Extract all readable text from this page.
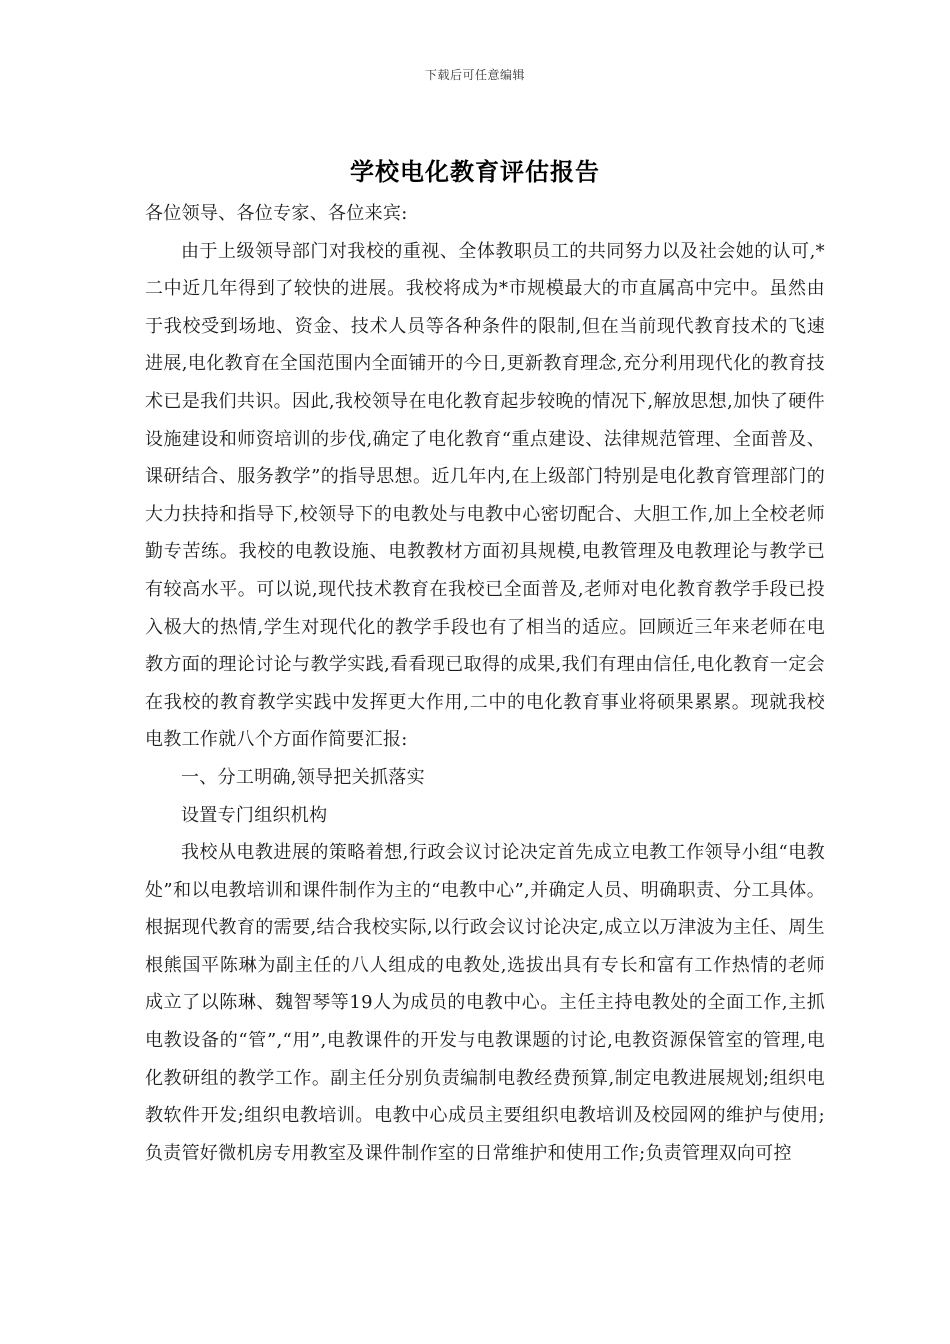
下载后可任意编辑
学校电化教育评估报告

各位领导、各位专家、各位来宾:

由于上级领导部门对我校的重视、全体教职员工的共同努力以及社会她的认可,*二中近几年得到了较快的进展。我校将成为*市规模最大的市直属高中完中。虽然由于我校受到场地、资金、技术人员等各种条件的限制,但在当前现代教育技术的飞速进展,电化教育在全国范围内全面铺开的今日,更新教育理念,充分利用现代化的教育技术已是我们共识。因此,我校领导在电化教育起步较晚的情况下,解放思想,加快了硬件设施建设和师资培训的步伐,确定了电化教育“重点建设、法律规范管理、全面普及、课研结合、服务教学”的指导思想。近几年内,在上级部门特别是电化教育管理部门的大力扶持和指导下,校领导下的电教处与电教中心密切配合、大胆工作,加上全校老师勤专苦练。我校的电教设施、电教教材方面初具规模,电教管理及电教理论与教学已有较高水平。可以说,现代技术教育在我校已全面普及,老师对电化教育教学手段已投入极大的热情,学生对现代化的教学手段也有了相当的适应。回顾近三年来老师在电教方面的理论讨论与教学实践,看看现已取得的成果,我们有理由信任,电化教育一定会在我校的教育教学实践中发挥更大作用,二中的电化教育事业将硕果累累。现就我校电教工作就八个方面作简要汇报:

一、分工明确,领导把关抓落实

设置专门组织机构

我校从电教进展的策略着想,行政会议讨论决定首先成立电教工作领导小组“电教处”和以电教培训和课件制作为主的“电教中心”,并确定人员、明确职责、分工具体。根据现代教育的需要,结合我校实际,以行政会议讨论决定,成立以万津波为主任、周生根熊国平陈琳为副主任的八人组成的电教处,选拔出具有专长和富有工作热情的老师成立了以陈琳、魏智琴等19人为成员的电教中心。主任主持电教处的全面工作,主抓电教设备的“管”,“用”,电教课件的开发与电教课题的讨论,电教资源保管室的管理,电化教研组的教学工作。副主任分别负责编制电教经费预算,制定电教进展规划;组织电教软件开发;组织电教培训。电教中心成员主要组织电教培训及校园网的维护与使用;负责管好微机房专用教室及课件制作室的日常维护和使用工作;负责管理双向可控
